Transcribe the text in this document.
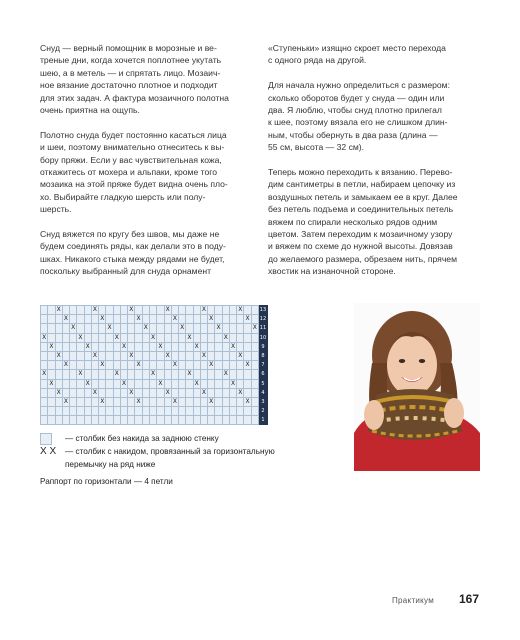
Снуд — верный помощник в морозные и ве-
треные дни, когда хочется поплотнее укутать
шею, а в метель — и спрятать лицо. Мозаич-
ное вязание достаточно плотное и подходит
для этих задач. А фактура мозаичного полотна
очень приятна на ощупь.

Полотно снуда будет постоянно касаться лица
и шеи, поэтому внимательно отнеситесь к вы-
бору пряжи. Если у вас чувствительная кожа,
откажитесь от мохера и альпаки, кроме того
мозаика на этой пряже будет видна очень пло-
хо. Выбирайте гладкую шерсть или полу-
шерсть.

Снуд вяжется по кругу без швов, мы даже не
будем соединять ряды, как делали это в поду-
шках. Никакого стыка между рядами не будет,
поскольку выбранный для снуда орнамент

«Ступеньки» изящно скроет место перехода
с одного ряда на другой.

Для начала нужно определиться с размером:
сколько оборотов будет у снуда — один или
два. Я люблю, чтобы снуд плотно прилегал
к шее, поэтому вязала его не слишком длин-
ным, чтобы обернуть в два раза (длина —
55 см, высота — 32 см).

Теперь можно переходить к вязанию. Перево-
дим сантиметры в петли, набираем цепочку из
воздушных петель и замыкаем ее в круг. Далее
без петель подъема и соединительных петель
вяжем по спирали несколько рядов одним
цветом. Затем переходим к мозаичному узору
и вяжем по схеме до нужной высоты. Довязав
до желаемого размера, обрезаем нить, прячем
хвостик на изнаночной стороне.

		X					X					X					X					X					X			13
			X					X					X					X					X					X		12
				X					X					X					X					X					X	11
X					X					X					X					X					X					10
	X					X					X					X					X					X				9
		X					X					X					X					X					X			8
			X					X					X					X					X					X		7
X					X					X					X					X					X					6
	X					X					X					X					X					X				5
		X					X					X					X					X					X			4
			X					X					X					X					X					X		3
																														2
																														1
— столбик без накида за заднюю стенку
X X	— столбик с накидом, провязанный за горизонтальную
перемычку на ряд ниже
Раппорт по горизонтали — 4 петли
Практикум 167
